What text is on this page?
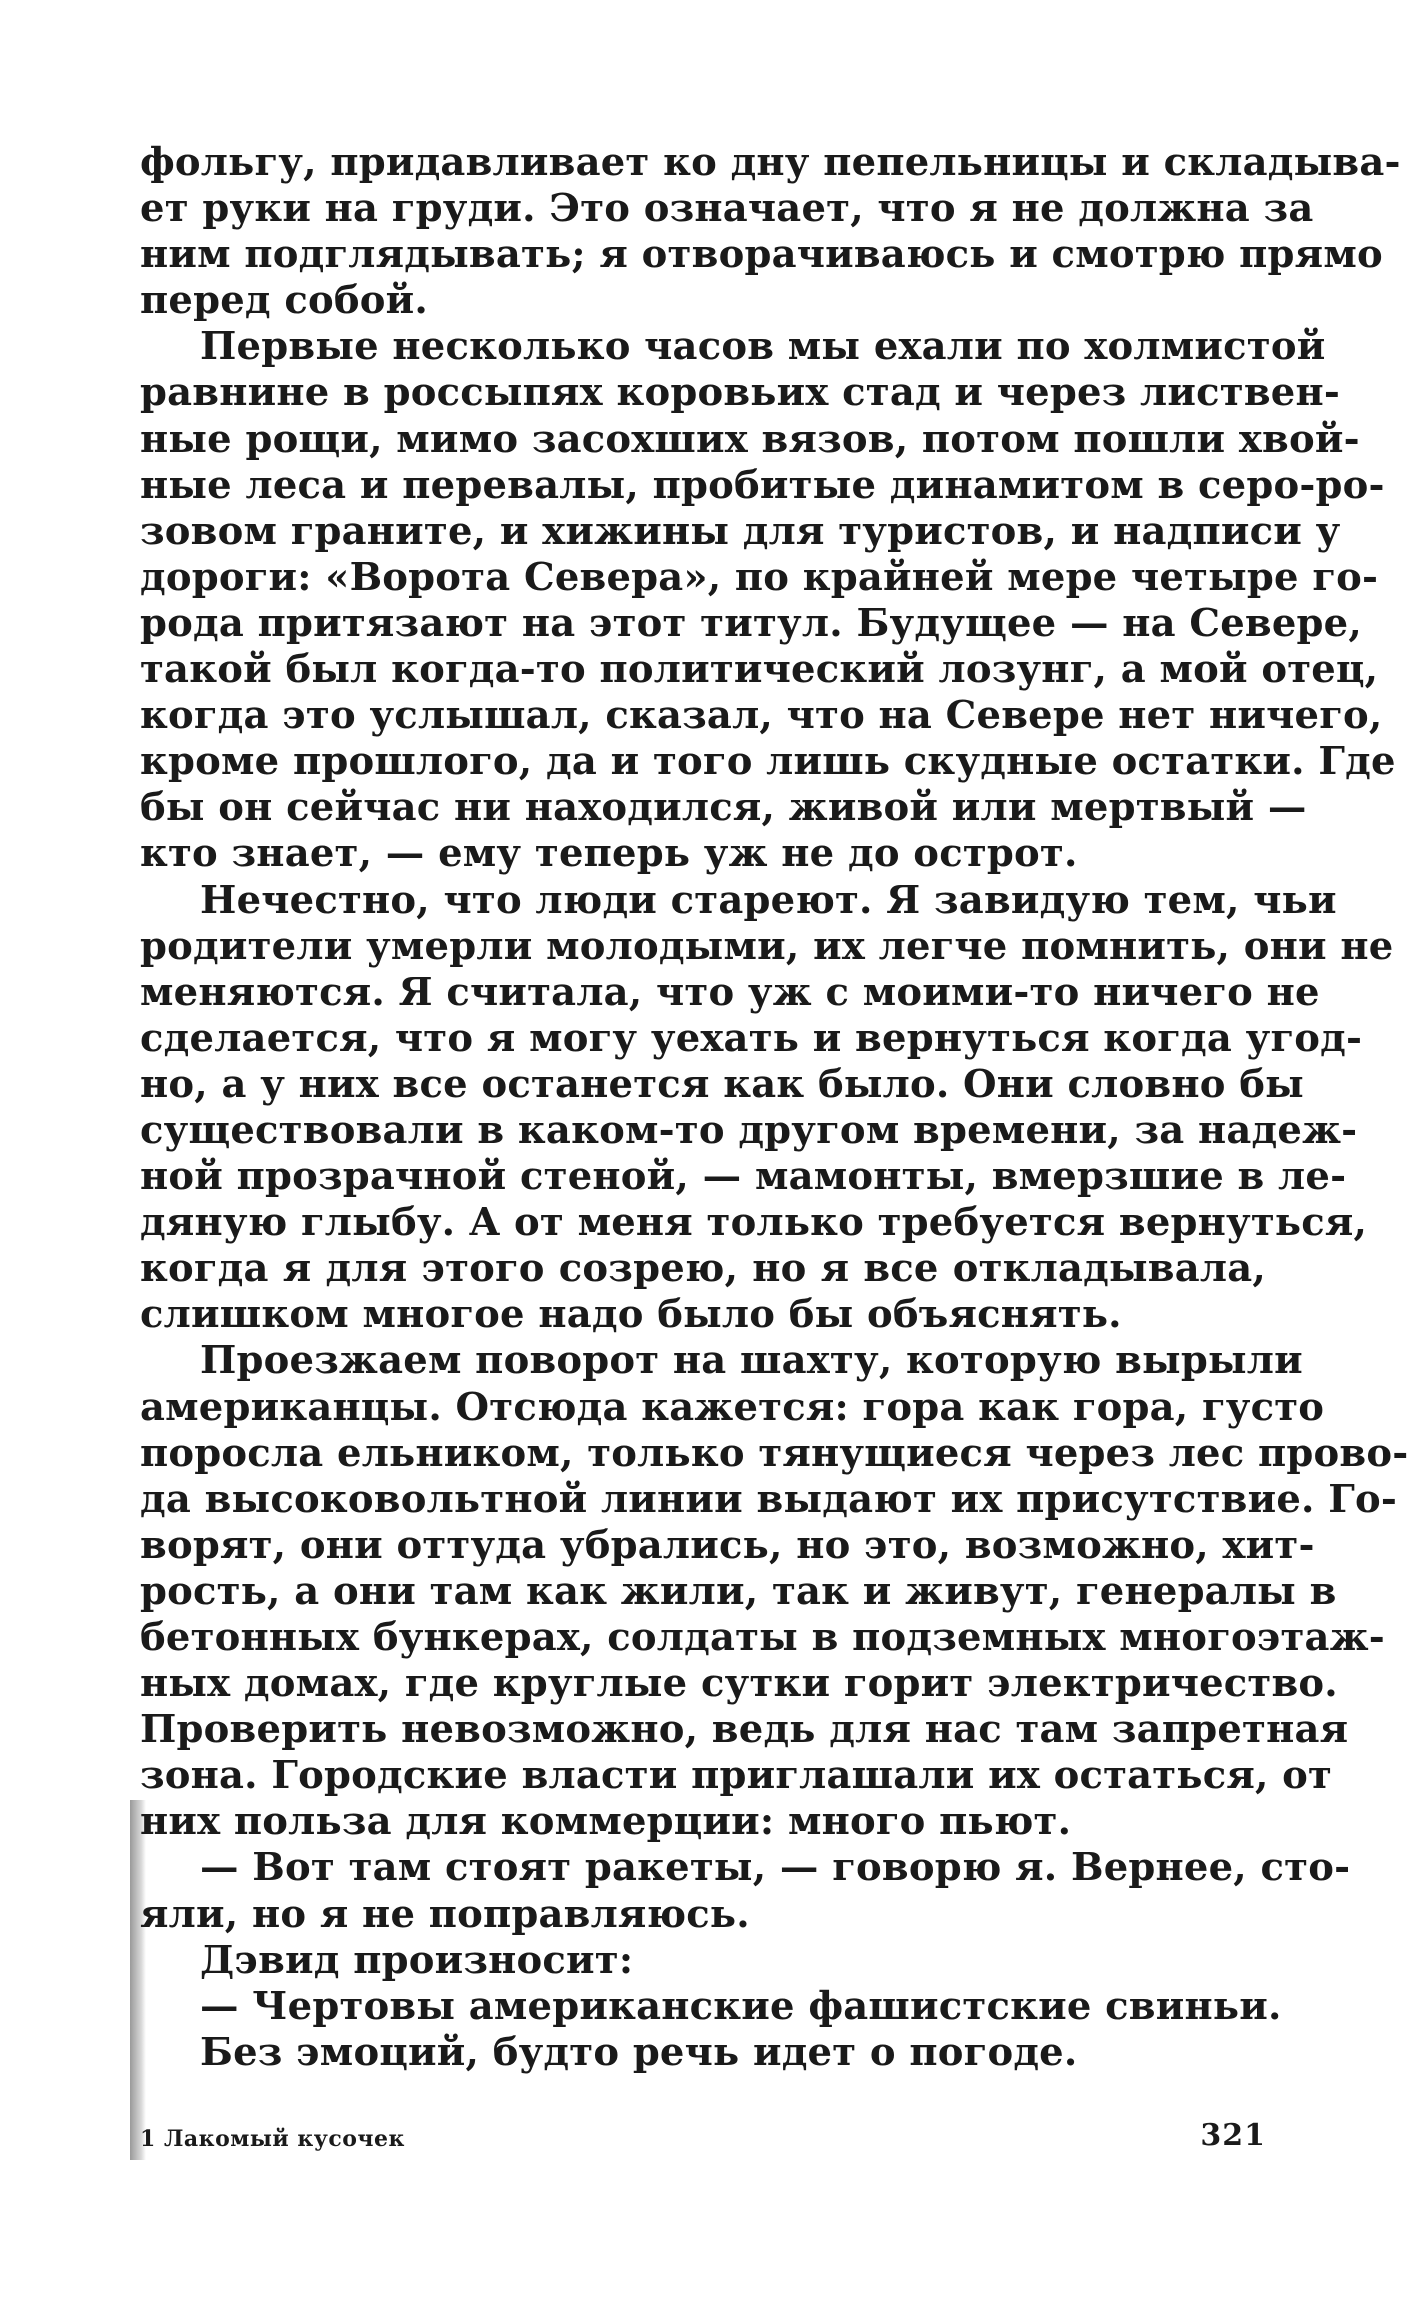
фольгу, придавливает ко дну пепельницы и складыва-
ет руки на груди. Это означает, что я не должна за
ним подглядывать; я отворачиваюсь и смотрю прямо
перед собой.
Первые несколько часов мы ехали по холмистой
равнине в россыпях коровьих стад и через листвен-
ные рощи, мимо засохших вязов, потом пошли хвой-
ные леса и перевалы, пробитые динамитом в серо-ро-
зовом граните, и хижины для туристов, и надписи у
дороги: «Ворота Севера», по крайней мере четыре го-
рода притязают на этот титул. Будущее — на Севере,
такой был когда-то политический лозунг, а мой отец,
когда это услышал, сказал, что на Севере нет ничего,
кроме прошлого, да и того лишь скудные остатки. Где
бы он сейчас ни находился, живой или мертвый —
кто знает, — ему теперь уж не до острот.
Нечестно, что люди стареют. Я завидую тем, чьи
родители умерли молодыми, их легче помнить, они не
меняются. Я считала, что уж с моими-то ничего не
сделается, что я могу уехать и вернуться когда угод-
но, а у них все останется как было. Они словно бы
существовали в каком-то другом времени, за надеж-
ной прозрачной стеной, — мамонты, вмерзшие в ле-
дяную глыбу. А от меня только требуется вернуться,
когда я для этого созрею, но я все откладывала,
слишком многое надо было бы объяснять.
Проезжаем поворот на шахту, которую вырыли
американцы. Отсюда кажется: гора как гора, густо
поросла ельником, только тянущиеся через лес прово-
да высоковольтной линии выдают их присутствие. Го-
ворят, они оттуда убрались, но это, возможно, хит-
рость, а они там как жили, так и живут, генералы в
бетонных бункерах, солдаты в подземных многоэтаж-
ных домах, где круглые сутки горит электричество.
Проверить невозможно, ведь для нас там запретная
зона. Городские власти приглашали их остаться, от
них польза для коммерции: много пьют.
— Вот там стоят ракеты, — говорю я. Вернее, сто-
яли, но я не поправляюсь.
Дэвид произносит:
— Чертовы американские фашистские свиньи.
Без эмоций, будто речь идет о погоде.
1 Лакомый кусочек	321
